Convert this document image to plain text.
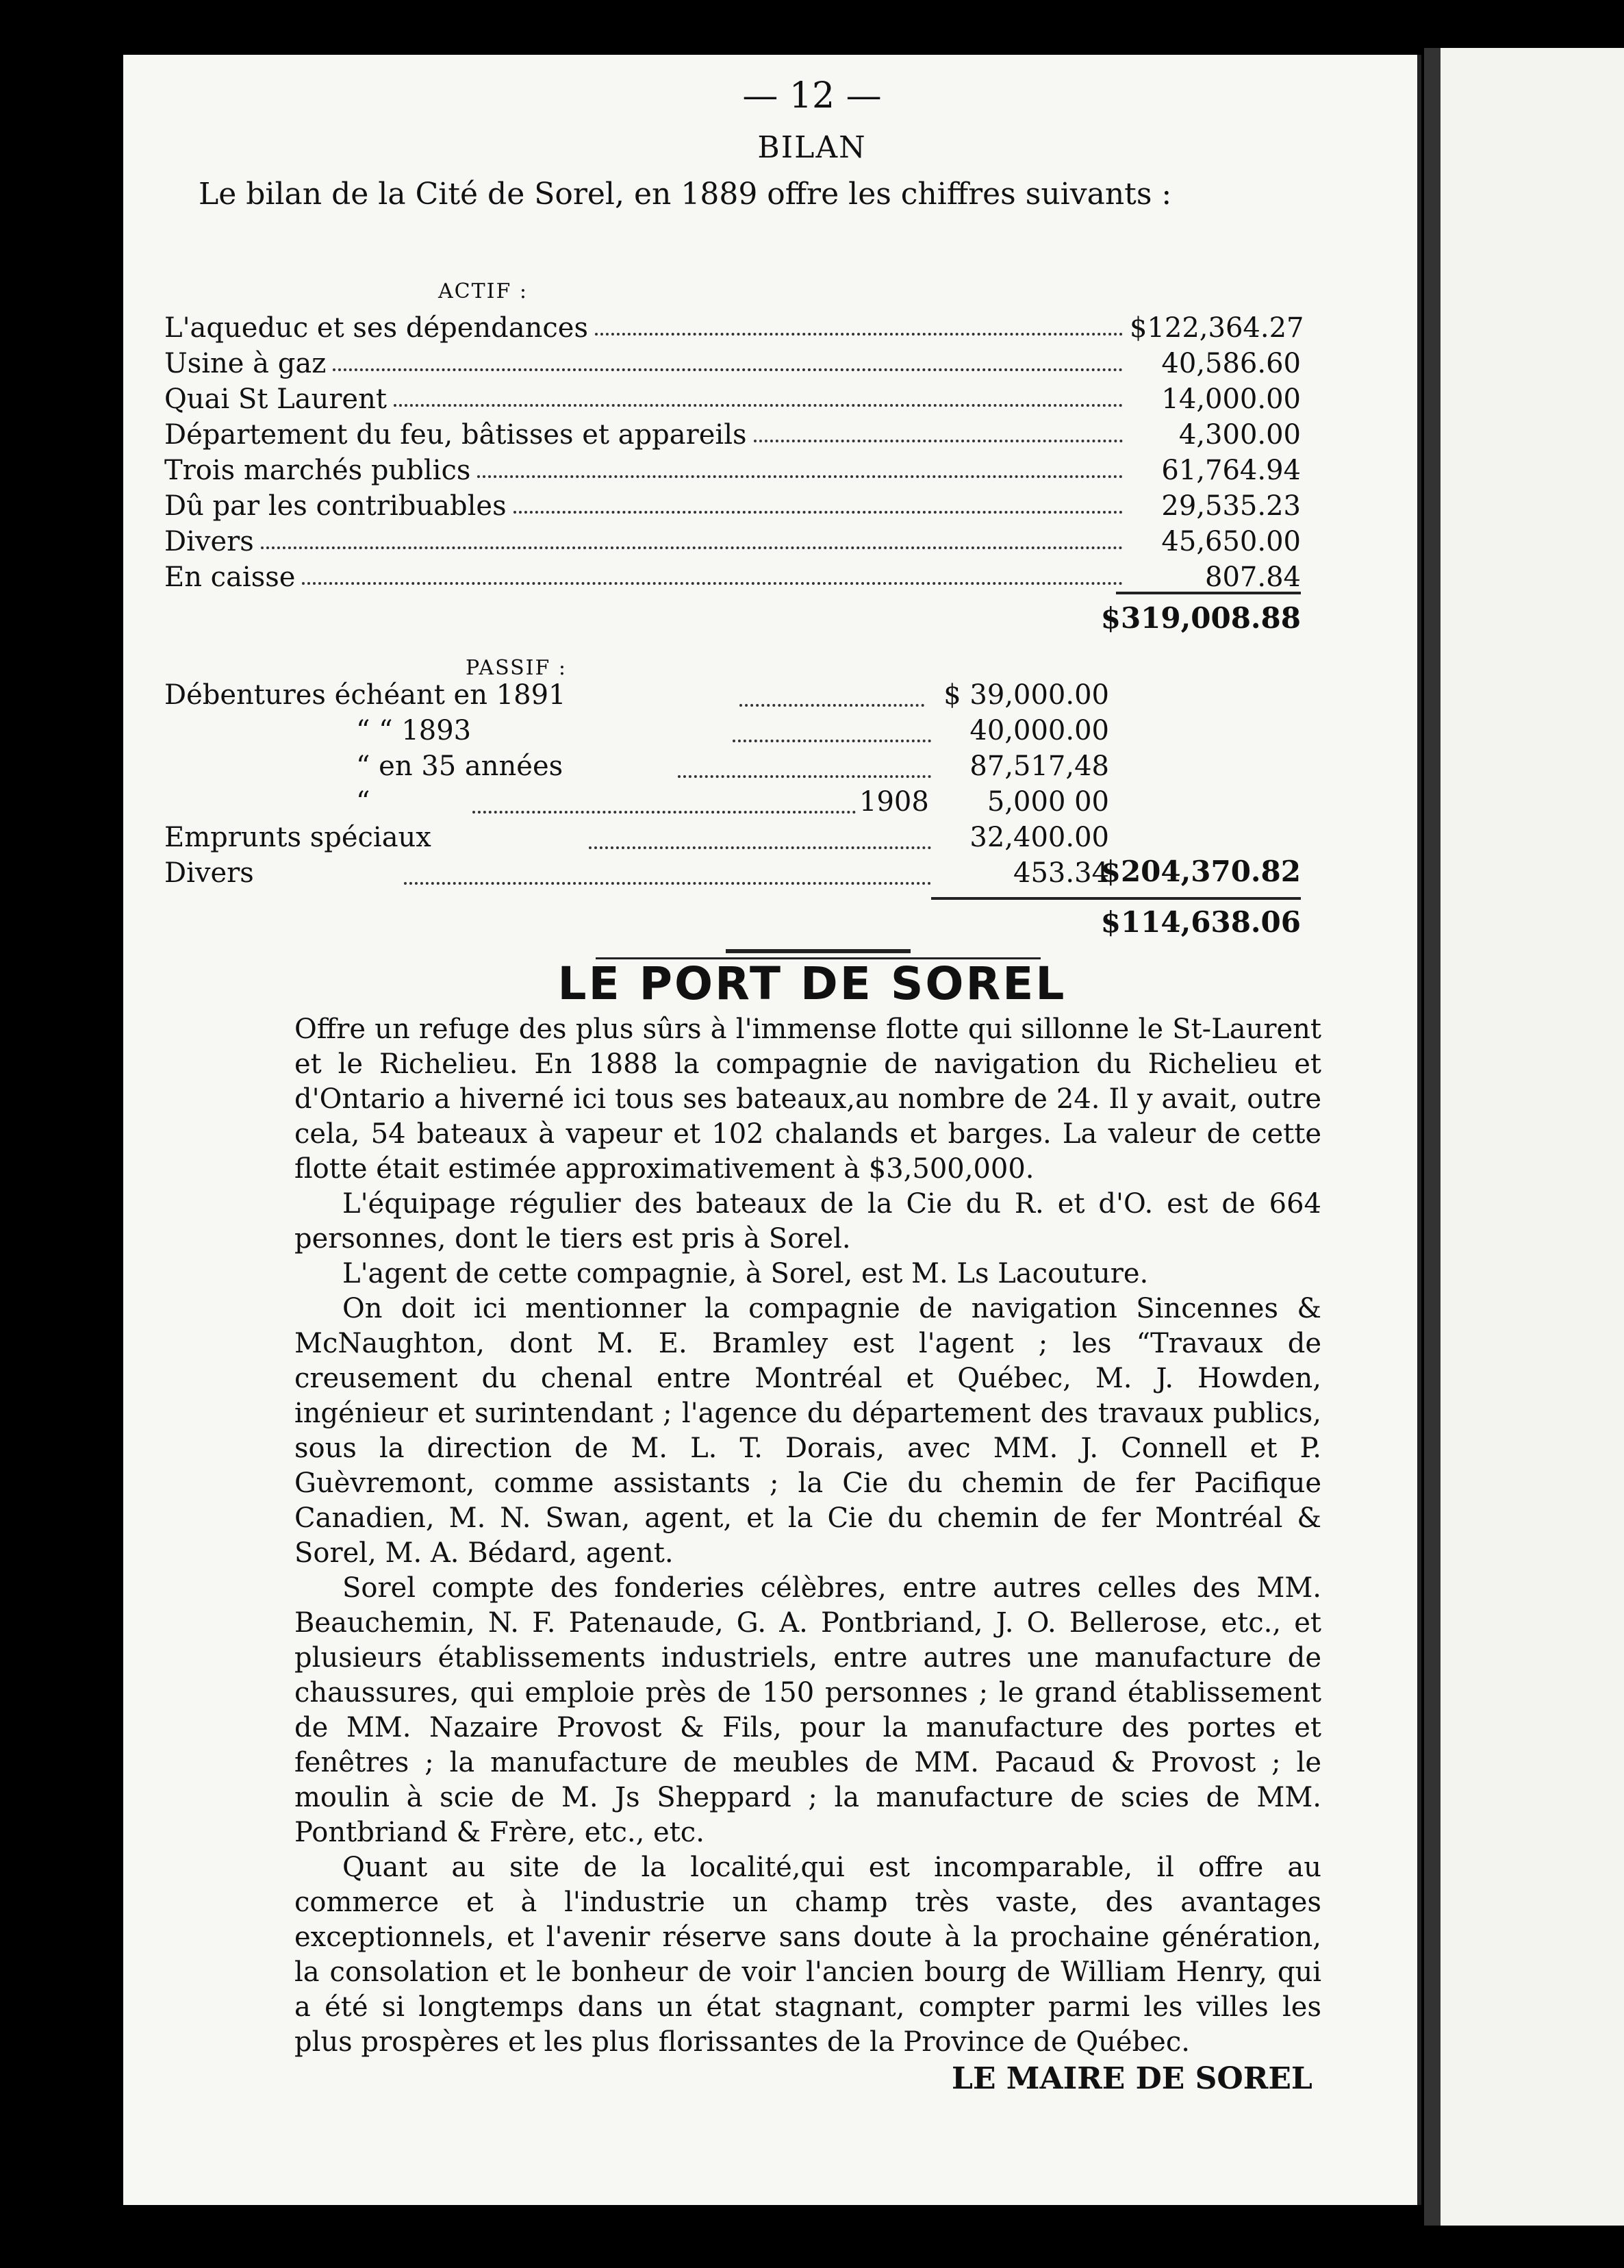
— 12 —
BILAN
Le bilan de la Cité de Sorel, en 1889 offre les chiffres suivants :
ACTIF :
L'aqueduc et ses dépendances	$122,364.27
Usine à gaz	40,586.60
Quai St Laurent	14,000.00
Département du feu, bâtisses et appareils	4,300.00
Trois marchés publics	61,764.94
Dû par les contribuables	29,535.23
Divers	45,650.00
En caisse	807.84
$319,008.88
PASSIF :
Débentures échéant en 1891	$ 39,000.00
“ “ 1893	40,000.00
“ en 35 années	87,517,48
“	1908	5,000 00
Emprunts spéciaux	32,400.00
Divers	453.34
$204,370.82
$114,638.06
LE PORT DE SOREL

Offre un refuge des plus sûrs à l'immense flotte qui sillonne le St-Laurent et le Richelieu. En 1888 la compagnie de navigation du Richelieu et d'Ontario a hiverné ici tous ses bateaux,au nombre de 24. Il y avait, outre cela, 54 bateaux à vapeur et 102 chalands et barges. La valeur de cette flotte était estimée approximativement à $3,500,000.

L'équipage régulier des bateaux de la Cie du R. et d'O. est de 664 personnes, dont le tiers est pris à Sorel.

L'agent de cette compagnie, à Sorel, est M. Ls Lacouture.

On doit ici mentionner la compagnie de navigation Sincennes & McNaughton, dont M. E. Bramley est l'agent ; les “Travaux de creusement du chenal entre Montréal et Québec, M. J. Howden, ingénieur et surintendant ; l'agence du département des travaux publics, sous la direction de M. L. T. Dorais, avec MM. J. Connell et P. Guèvremont, comme assistants ; la Cie du chemin de fer Pacifique Canadien, M. N. Swan, agent, et la Cie du chemin de fer Montréal & Sorel, M. A. Bédard, agent.

Sorel compte des fonderies célèbres, entre autres celles des MM. Beauchemin, N. F. Patenaude, G. A. Pontbriand, J. O. Bellerose, etc., et plusieurs établissements industriels, entre autres une manufacture de chaussures, qui emploie près de 150 personnes ; le grand établissement de MM. Nazaire Provost & Fils, pour la manufacture des portes et fenêtres ; la manufacture de meubles de MM. Pacaud & Provost ; le moulin à scie de M. Js Sheppard ; la manufacture de scies de MM. Pontbriand & Frère, etc., etc.

Quant au site de la localité,qui est incomparable, il offre au commerce et à l'industrie un champ très vaste, des avantages exceptionnels, et l'avenir réserve sans doute à la prochaine génération, la consolation et le bonheur de voir l'ancien bourg de William Henry, qui a été si longtemps dans un état stagnant, compter parmi les villes les plus prospères et les plus florissantes de la Province de Québec.

LE MAIRE DE SOREL
